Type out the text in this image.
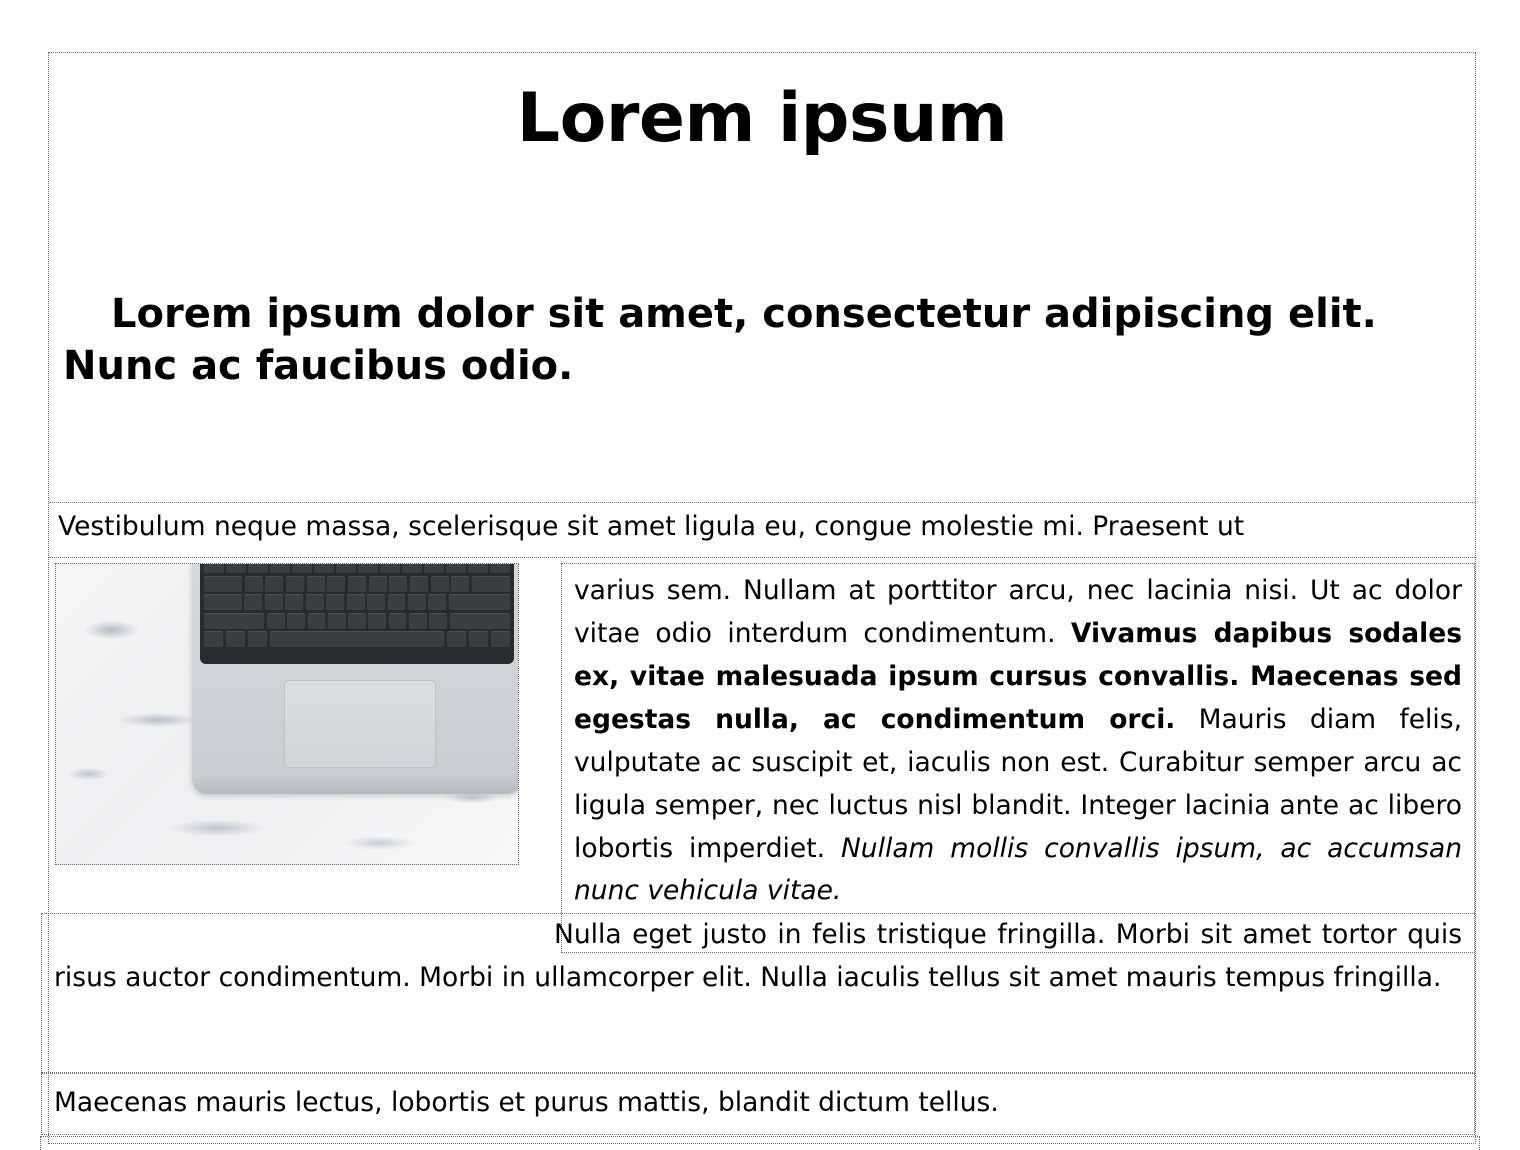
Lorem ipsum
Lorem ipsum dolor sit amet, consectetur adipiscing elit. Nunc ac faucibus odio.
Vestibulum neque massa, scelerisque sit amet ligula eu, congue molestie mi. Praesent ut
varius sem. Nullam at porttitor arcu, nec lacinia nisi. Ut ac dolor vitae odio interdum condimentum. Vivamus dapibus sodales ex, vitae malesuada ipsum cursus convallis. Maecenas sed egestas nulla, ac condimentum orci. Mauris diam felis, vulputate ac suscipit et, iaculis non est. Curabitur semper arcu ac ligula semper, nec luctus nisl blandit. Integer lacinia ante ac libero lobortis imperdiet. Nullam mollis convallis ipsum, ac accumsan nunc vehicula vitae.
Nulla eget justo in felis tristique fringilla. Morbi sit amet tortor quis risus auctor condimentum. Morbi in ullamcorper elit. Nulla iaculis tellus sit amet mauris tempus fringilla.
Maecenas mauris lectus, lobortis et purus mattis, blandit dictum tellus.
